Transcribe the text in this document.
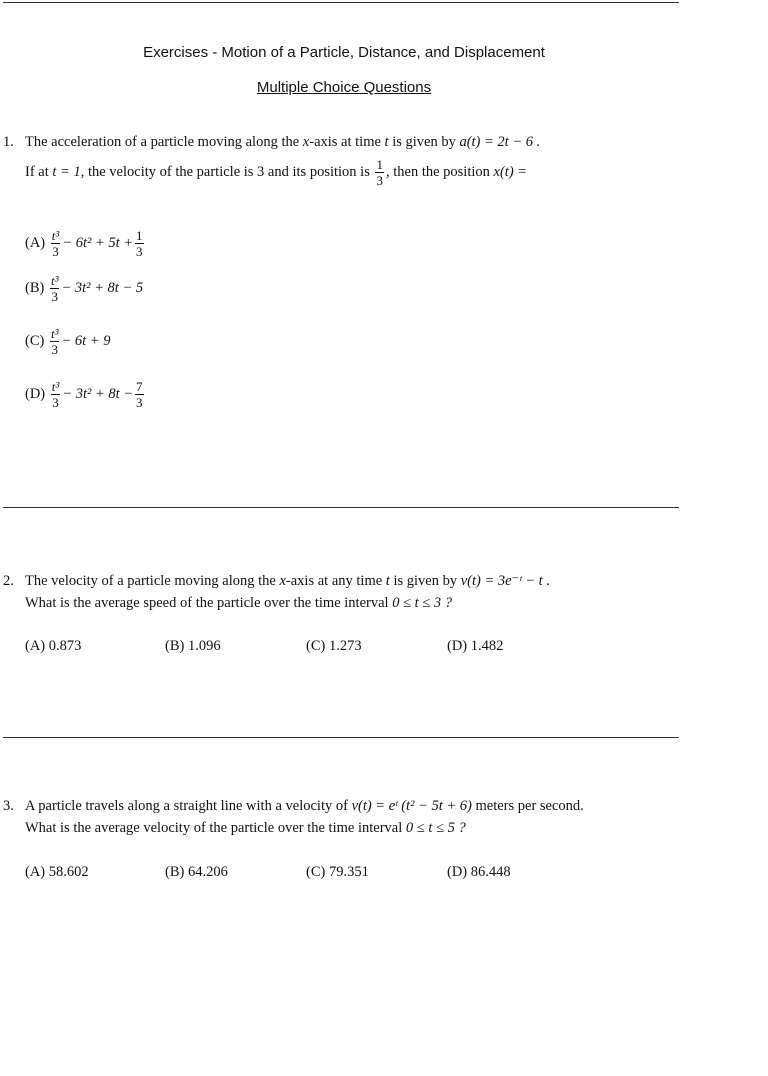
Exercises - Motion of a Particle, Distance, and Displacement
Multiple Choice Questions
1. The acceleration of a particle moving along the x-axis at time t is given by a(t) = 2t − 6 .
If at t = 1, the velocity of the particle is 3 and its position is $\frac{1}{3}$ , then the position x(t) =
$(A) \frac{\text{t³}}{3} - 6t^2 + 5t + \frac{1}{3}$
$(B) \frac{\text{t³}}{3} - 3t^2 + 8t - 5$
$(C) \frac{\text{t³}}{3} - 6t + 9$
$(D) \frac{\text{t³}}{3} - 3t^2 + 8t - \frac{7}{3}$
2. The velocity of a particle moving along the x-axis at any time t is given by v(t) = 3e⁻ᵗ − t .
What is the average speed of the particle over the time interval 0 ≤ t ≤ 3 ?
(A) 0.873	(B) 1.096	(C) 1.273	(D) 1.482
3. A particle travels along a straight line with a velocity of v(t) = eᵗ (t² − 5t + 6) meters per second.
What is the average velocity of the particle over the time interval 0 ≤ t ≤ 5 ?
(A) 58.602	(B) 64.206	(C) 79.351	(D) 86.448
